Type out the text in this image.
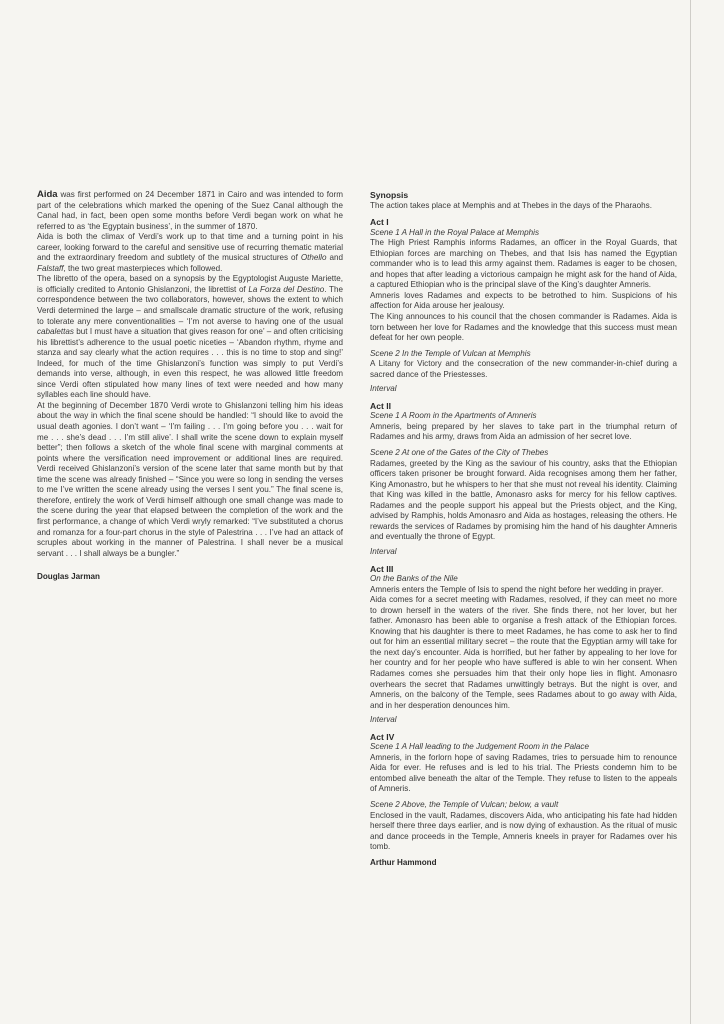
Aida was first performed on 24 December 1871 in Cairo and was intended to form part of the celebrations which marked the opening of the Suez Canal although the Canal had, in fact, been open some months before Verdi began work on what he referred to as ‘the Egyptain business’, in the summer of 1870.

Aida is both the climax of Verdi’s work up to that time and a turning point in his career, looking forward to the careful and sensitive use of recurring thematic material and the extraordinary freedom and subtlety of the musical structures of Othello and Falstaff, the two great masterpieces which followed.

The libretto of the opera, based on a synopsis by the Egyptologist Auguste Mariette, is officially credited to Antonio Ghislanzoni, the librettist of La Forza del Destino. The correspondence between the two collaborators, however, shows the extent to which Verdi determined the large – and smallscale dramatic structure of the work, refusing to tolerate any mere conventionalities – ‘I’m not averse to having one of the usual cabalettas but I must have a situation that gives reason for one’ – and often criticising his librettist’s adherence to the usual poetic niceties – ‘Abandon rhythm, rhyme and stanza and say clearly what the action requires . . . this is no time to stop and sing!’ Indeed, for much of the time Ghislanzoni’s function was simply to put Verdi’s demands into verse, although, in even this respect, he was allowed little freedom since Verdi often stipulated how many lines of text were needed and how many syllables each line should have.

At the beginning of December 1870 Verdi wrote to Ghislanzoni telling him his ideas about the way in which the final scene should be handled: “I should like to avoid the usual death agonies. I don’t want – ‘I’m failing . . . I’m going before you . . . wait for me . . . she’s dead . . . I’m still alive’. I shall write the scene down to explain myself better”; then follows a sketch of the whole final scene with marginal comments at points where the versification need improvement or additional lines are required. Verdi received Ghislanzoni’s version of the scene later that same month but by that time the scene was already finished – “Since you were so long in sending the verses to me I’ve written the scene already using the verses I sent you.” The final scene is, therefore, entirely the work of Verdi himself although one small change was made to the scene during the year that elapsed between the completion of the work and the first performance, a change of which Verdi wryly remarked: “I’ve substituted a chorus and romanza for a four-part chorus in the style of Palestrina . . . I’ve had an attack of scruples about working in the manner of Palestrina. I shall never be a musical servant . . . I shall always be a bungler.”

Douglas Jarman

Synopsis

The action takes place at Memphis and at Thebes in the days of the Pharaohs.

Act I

Scene 1 A Hall in the Royal Palace at Memphis

The High Priest Ramphis informs Radames, an officer in the Royal Guards, that Ethiopian forces are marching on Thebes, and that Isis has named the Egyptian commander who is to lead this army against them. Radames is eager to be chosen, and hopes that after leading a victorious campaign he might ask for the hand of Aida, a captured Ethiopian who is the principal slave of the King’s daughter Amneris.

Amneris loves Radames and expects to be betrothed to him. Suspicions of his affection for Aida arouse her jealousy.

The King announces to his council that the chosen commander is Radames. Aida is torn between her love for Radames and the knowledge that this success must mean defeat for her own people.

Scene 2 In the Temple of Vulcan at Memphis

A Litany for Victory and the consecration of the new commander-in-chief during a sacred dance of the Priestesses.

Interval

Act II

Scene 1 A Room in the Apartments of Amneris

Amneris, being prepared by her slaves to take part in the triumphal return of Radames and his army, draws from Aida an admission of her secret love.

Scene 2 At one of the Gates of the City of Thebes

Radames, greeted by the King as the saviour of his country, asks that the Ethiopian officers taken prisoner be brought forward. Aida recognises among them her father, King Amonastro, but he whispers to her that she must not reveal his identity. Claiming that King was killed in the battle, Amonasro asks for mercy for his fellow captives. Radames and the people support his appeal but the Priests object, and the King, advised by Ramphis, holds Amonasro and Aida as hostages, releasing the others. He rewards the services of Radames by promising him the hand of his daughter Amneris and eventually the throne of Egypt.

Interval

Act III

On the Banks of the Nile

Amneris enters the Temple of Isis to spend the night before her wedding in prayer.

Aida comes for a secret meeting with Radames, resolved, if they can meet no more to drown herself in the waters of the river. She finds there, not her lover, but her father. Amonasro has been able to organise a fresh attack of the Ethiopian forces. Knowing that his daughter is there to meet Radames, he has come to ask her to find out for him an essential military secret – the route that the Egyptian army will take for the next day’s encounter. Aida is horrified, but her father by appealing to her love for her country and for her people who have suffered is able to win her consent. When Radames comes she persuades him that their only hope lies in flight. Amonasro overhears the secret that Radames unwittingly betrays. But the night is over, and Amneris, on the balcony of the Temple, sees Radames about to go away with Aida, and in her desperation denounces him.

Interval

Act IV

Scene 1 A Hall leading to the Judgement Room in the Palace

Amneris, in the forlorn hope of saving Radames, tries to persuade him to renounce Aida for ever. He refuses and is led to his trial. The Priests condemn him to be entombed alive beneath the altar of the Temple. They refuse to listen to the appeals of Amneris.

Scene 2 Above, the Temple of Vulcan; below, a vault

Enclosed in the vault, Radames, discovers Aida, who anticipating his fate had hidden herself there three days earlier, and is now dying of exhaustion. As the ritual of music and dance proceeds in the Temple, Amneris kneels in prayer for Radames over his tomb.

Arthur Hammond
